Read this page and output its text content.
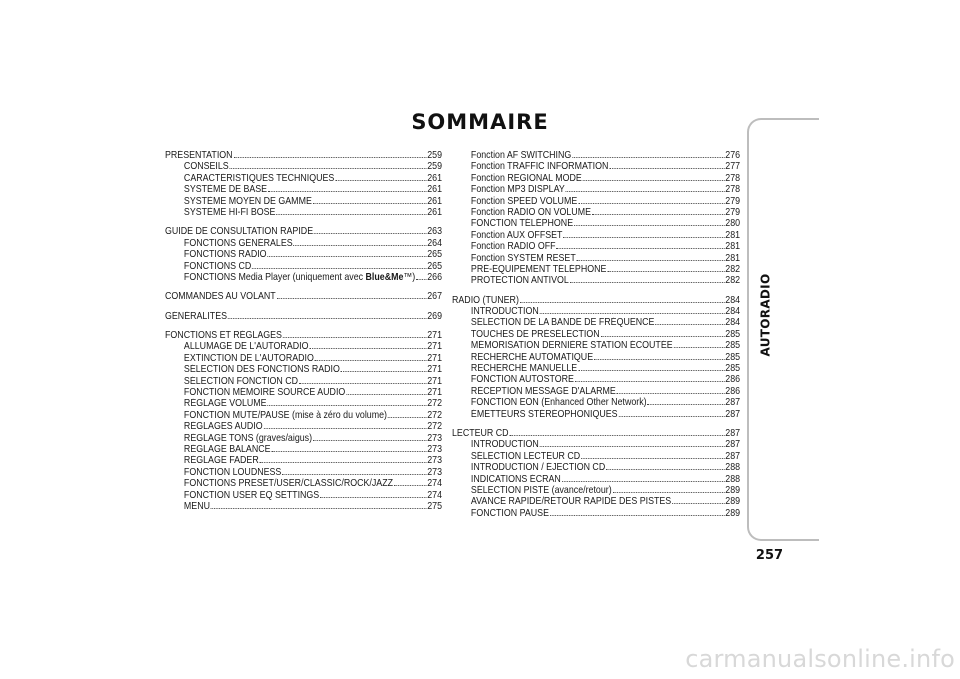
SOMMAIRE
PRÉSENTATION	259
CONSEILS	259
CARACTÉRISTIQUES TECHNIQUES	261
SYSTÈME DE BASE	261
SYSTÈME MOYEN DE GAMME	261
SYSTÈME HI-FI BOSE	261
GUIDE DE CONSULTATION RAPIDE	263
FONCTIONS GÉNÉRALES	264
FONCTIONS RADIO	265
FONCTIONS CD	265
FONCTIONS Media Player (uniquement avec Blue&Me™) 266
COMMANDES AU VOLANT	267
GÉNÉRALITÉS	269
FONCTIONS ET RÉGLAGES	271
ALLUMAGE DE L'AUTORADIO	271
EXTINCTION DE L'AUTORADIO	271
SÉLECTION DES FONCTIONS RADIO	271
SÉLECTION FONCTION CD	271
FONCTION MÉMOIRE SOURCE AUDIO	271
RÉGLAGE VOLUME	272
FONCTION MUTE/PAUSE (mise à zéro du volume)	272
RÉGLAGES AUDIO	272
RÉGLAGE TONS (graves/aigus)	273
RÉGLAGE BALANCE	273
RÉGLAGE FADER	273
FONCTION LOUDNESS	273
FONCTIONS PRESET/USER/CLASSIC/ROCK/JAZZ	274
FONCTION USER EQ SETTINGS	274
MENU	275
Fonction AF SWITCHING	276
Fonction TRAFFIC INFORMATION	277
Fonction REGIONAL MODE	278
Fonction MP3 DISPLAY	278
Fonction SPEED VOLUME	279
Fonction RADIO ON VOLUME	279
FONCTION TÉLÉPHONE	280
Fonction AUX OFFSET	281
Fonction RADIO OFF	281
Fonction SYSTEM RESET	281
PRÉ-ÉQUIPEMENT TÉLÉPHONE	282
PROTECTION ANTIVOL	282
RADIO (TUNER)	284
INTRODUCTION	284
SÉLECTION DE LA BANDE DE FRÉQUENCE	284
TOUCHES DE PRÉSÉLECTION	285
MÉMORISATION DERNIÈRE STATION ÉCOUTÉE	285
RECHERCHE AUTOMATIQUE	285
RECHERCHE MANUELLE	285
FONCTION AUTOSTORE	286
RÉCEPTION MESSAGE D'ALARME	286
FONCTION EON (Enhanced Other Network)	287
ÉMETTEURS STÉRÉOPHONIQUES	287
LECTEUR CD	287
INTRODUCTION	287
SÉLECTION LECTEUR CD	287
INTRODUCTION / ÉJECTION CD	288
INDICATIONS ÉCRAN	288
SÉLECTION PISTE (avance/retour)	289
AVANCE RAPIDE/RETOUR RAPIDE DES PISTES	289
FONCTION PAUSE	289
AUTORADIO
257
carmanualsonline.info
